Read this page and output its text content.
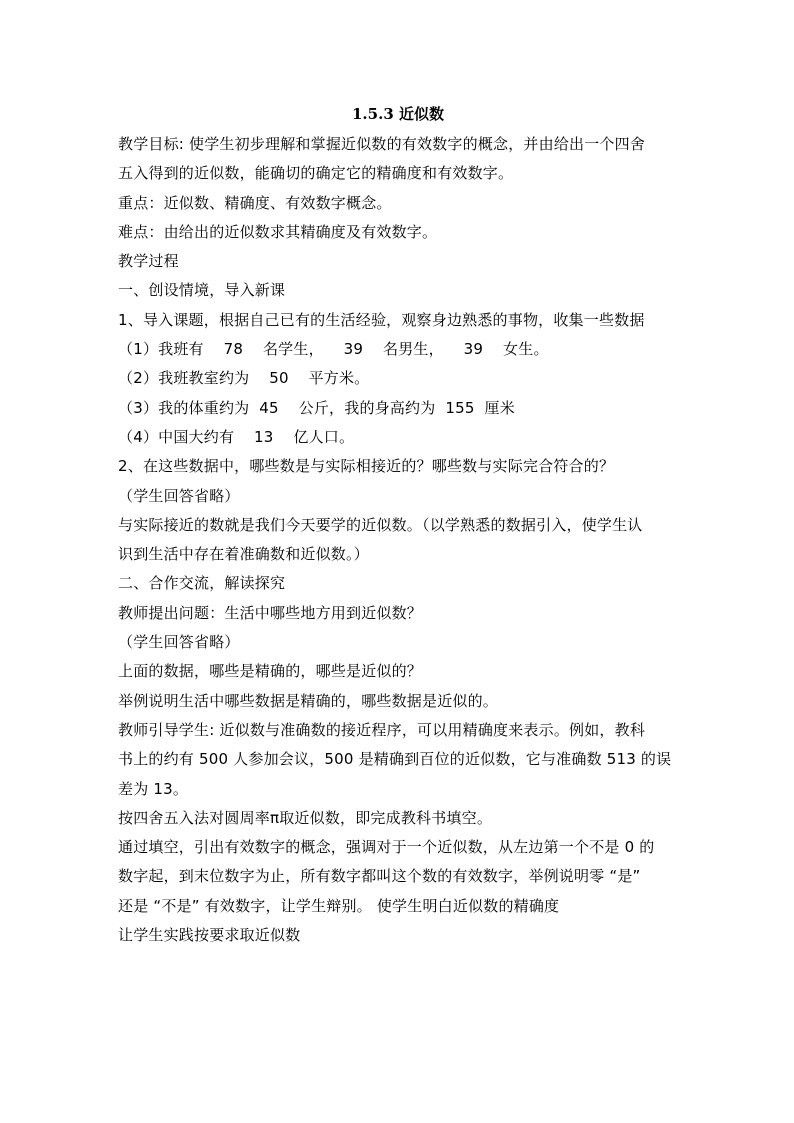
1.5.3 近似数
教学目标: 使学生初步理解和掌握近似数的有效数字的概念，并由给出一个四舍
五入得到的近似数，能确切的确定它的精确度和有效数字。
重点：近似数、精确度、有效数字概念。
难点：由给出的近似数求其精确度及有效数字。
教学过程
一、创设情境，导入新课
1、导入课题，根据自己已有的生活经验，观察身边熟悉的事物，收集一些数据
（1）我班有    78    名学生，    39    名男生，    39    女生。
（2）我班教室约为    50    平方米。
（3）我的体重约为  45    公斤，我的身高约为  155  厘米
（4）中国大约有    13    亿人口。
2、在这些数据中，哪些数是与实际相接近的？哪些数与实际完合符合的？
（学生回答省略）
与实际接近的数就是我们今天要学的近似数。（以学熟悉的数据引入，使学生认
识到生活中存在着准确数和近似数。）
二、合作交流，解读探究
教师提出问题：生活中哪些地方用到近似数？
（学生回答省略）
上面的数据，哪些是精确的，哪些是近似的？
举例说明生活中哪些数据是精确的，哪些数据是近似的。
教师引导学生: 近似数与准确数的接近程序，可以用精确度来表示。例如，教科
书上的约有 500 人参加会议，500 是精确到百位的近似数，它与准确数 513 的误
差为 13。
按四舍五入法对圆周率π取近似数，即完成教科书填空。
通过填空，引出有效数字的概念，强调对于一个近似数，从左边第一个不是 0 的
数字起，到末位数字为止，所有数字都叫这个数的有效数字，举例说明零 “是”
还是 “不是” 有效数字，让学生辩别。 使学生明白近似数的精确度
让学生实践按要求取近似数
